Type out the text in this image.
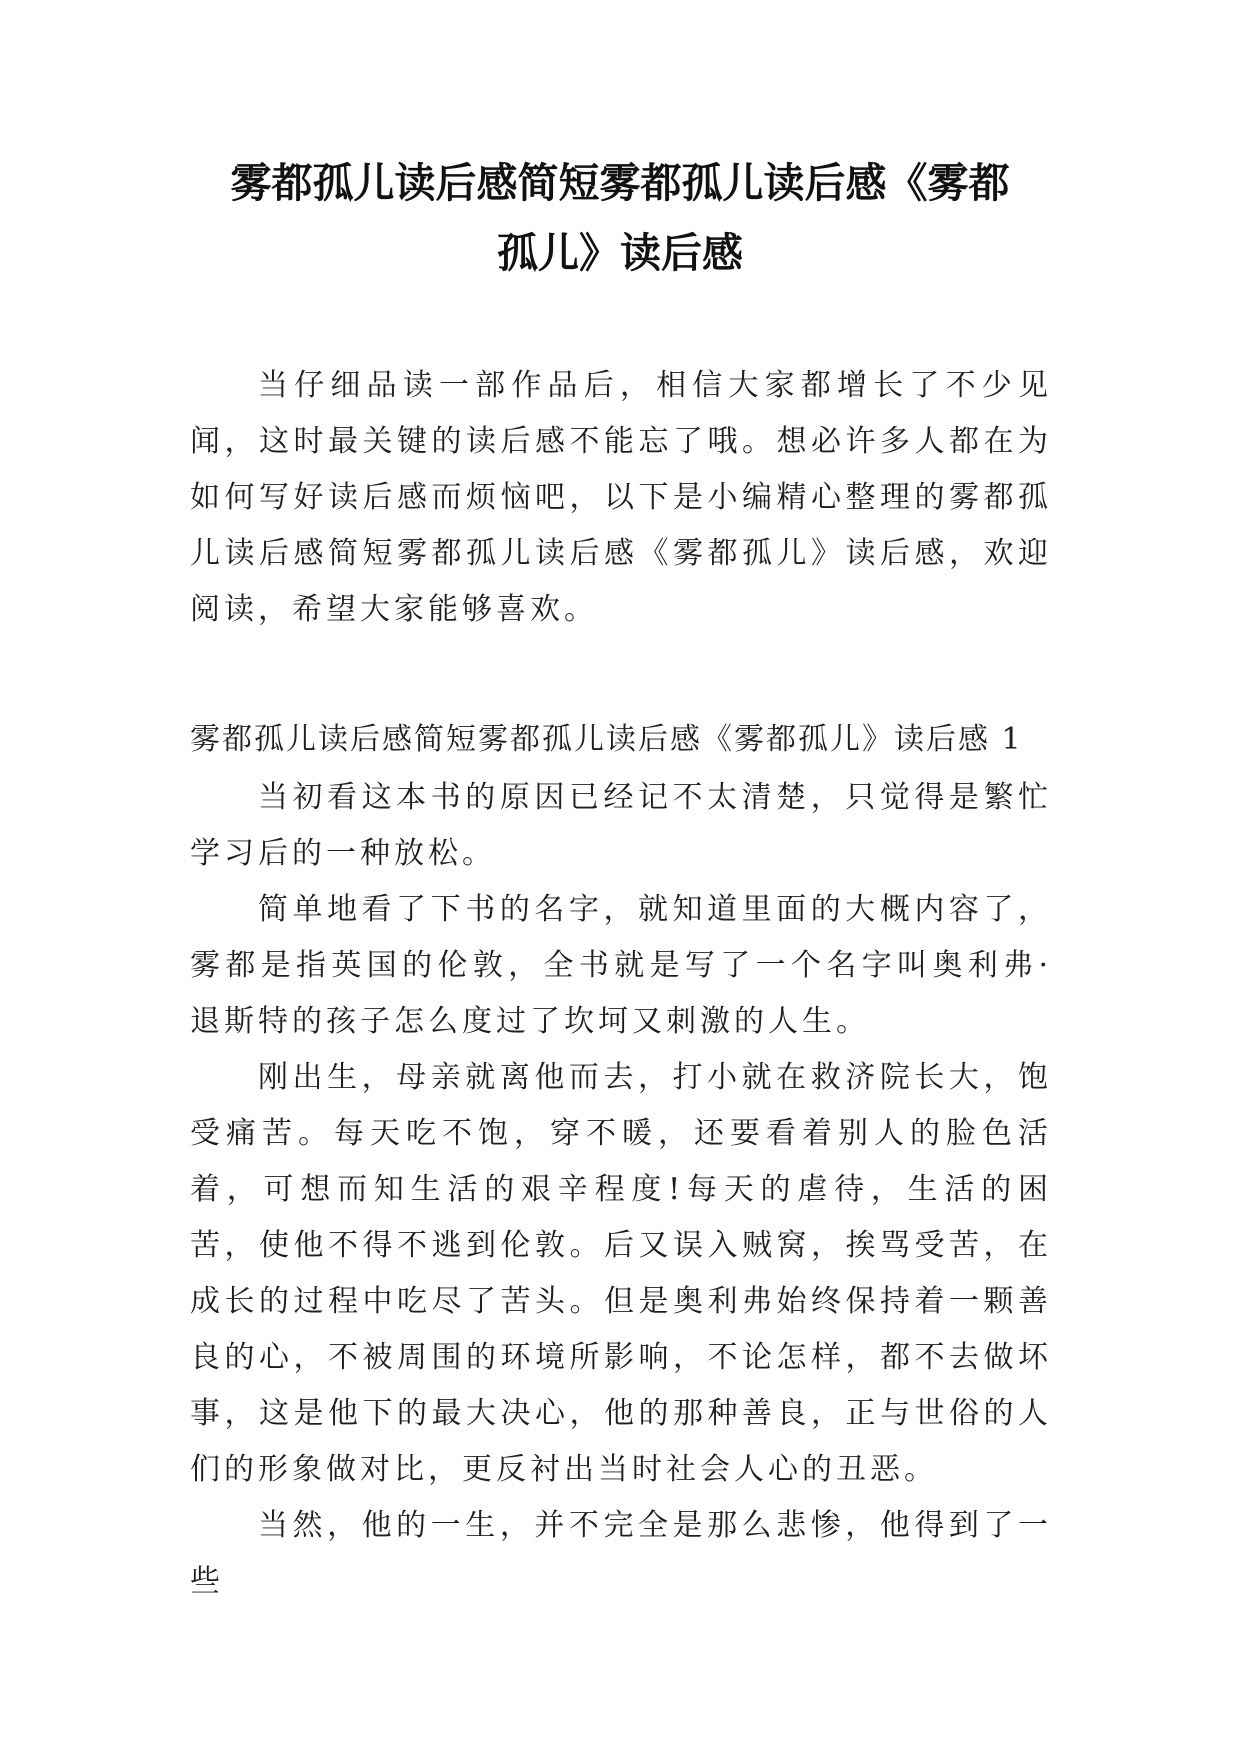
雾都孤儿读后感简短雾都孤儿读后感《雾都
孤儿》读后感

当仔细品读一部作品后，相信大家都增长了不少见闻，这时最关键的读后感不能忘了哦。想必许多人都在为如何写好读后感而烦恼吧，以下是小编精心整理的雾都孤儿读后感简短雾都孤儿读后感《雾都孤儿》读后感，欢迎阅读，希望大家能够喜欢。

雾都孤儿读后感简短雾都孤儿读后感《雾都孤儿》读后感 1

当初看这本书的原因已经记不太清楚，只觉得是繁忙学习后的一种放松。

简单地看了下书的名字，就知道里面的大概内容了，雾都是指英国的伦敦，全书就是写了一个名字叫奥利弗·退斯特的孩子怎么度过了坎坷又刺激的人生。

刚出生，母亲就离他而去，打小就在救济院长大，饱受痛苦。每天吃不饱，穿不暖，还要看着别人的脸色活着，可想而知生活的艰辛程度!每天的虐待，生活的困苦，使他不得不逃到伦敦。后又误入贼窝，挨骂受苦，在成长的过程中吃尽了苦头。但是奥利弗始终保持着一颗善良的心，不被周围的环境所影响，不论怎样，都不去做坏事，这是他下的最大决心，他的那种善良，正与世俗的人们的形象做对比，更反衬出当时社会人心的丑恶。

当然，他的一生，并不完全是那么悲惨，他得到了一些
